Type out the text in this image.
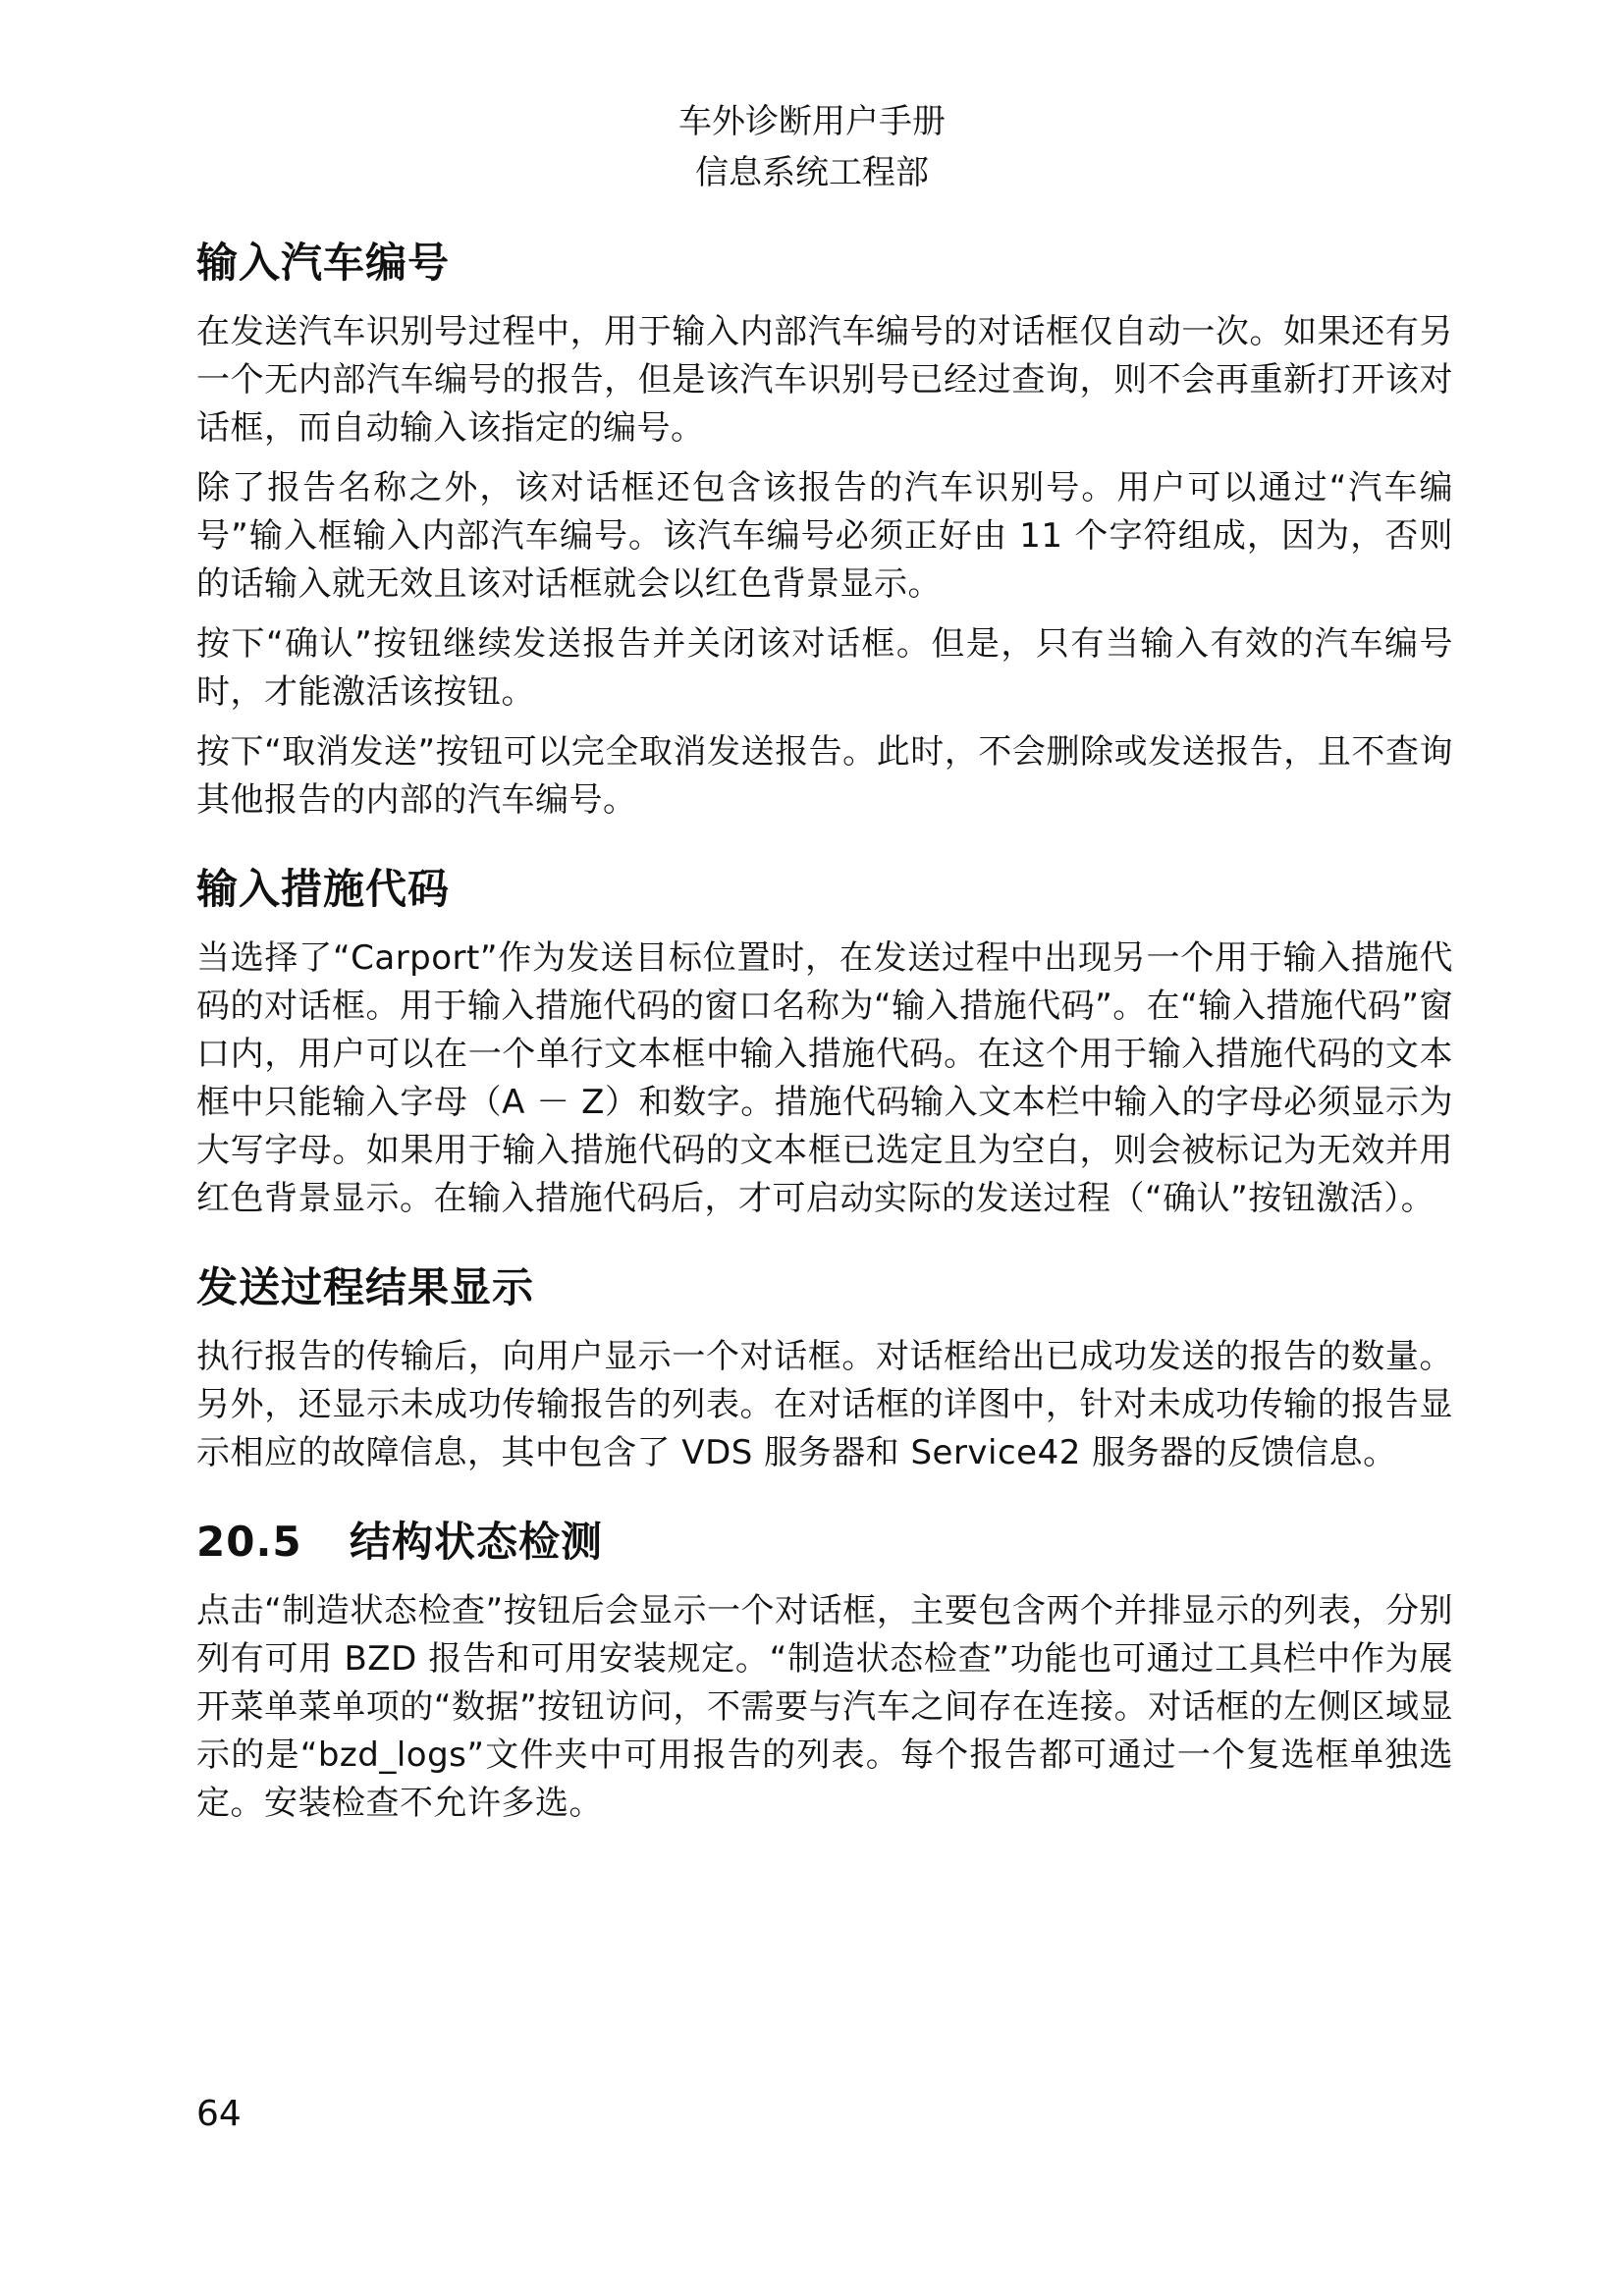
车外诊断用户手册
信息系统工程部
输入汽车编号

在发送汽车识别号过程中，用于输入内部汽车编号的对话框仅自动一次。如果还有另一个无内部汽车编号的报告，但是该汽车识别号已经过查询，则不会再重新打开该对话框，而自动输入该指定的编号。

除了报告名称之外，该对话框还包含该报告的汽车识别号。用户可以通过“汽车编号”输入框输入内部汽车编号。该汽车编号必须正好由 11 个字符组成，因为，否则的话输入就无效且该对话框就会以红色背景显示。

按下“确认”按钮继续发送报告并关闭该对话框。但是，只有当输入有效的汽车编号时，才能激活该按钮。

按下“取消发送”按钮可以完全取消发送报告。此时，不会删除或发送报告，且不查询其他报告的内部的汽车编号。

输入措施代码

当选择了“Carport”作为发送目标位置时，在发送过程中出现另一个用于输入措施代码的对话框。用于输入措施代码的窗口名称为“输入措施代码”。在“输入措施代码”窗口内，用户可以在一个单行文本框中输入措施代码。在这个用于输入措施代码的文本框中只能输入字母（A － Z）和数字。措施代码输入文本栏中输入的字母必须显示为大写字母。如果用于输入措施代码的文本框已选定且为空白，则会被标记为无效并用红色背景显示。在输入措施代码后，才可启动实际的发送过程（“确认”按钮激活）。

发送过程结果显示

执行报告的传输后，向用户显示一个对话框。对话框给出已成功发送的报告的数量。另外，还显示未成功传输报告的列表。在对话框的详图中，针对未成功传输的报告显示相应的故障信息，其中包含了 VDS 服务器和 Service42 服务器的反馈信息。

20.5 结构状态检测

点击“制造状态检查”按钮后会显示一个对话框，主要包含两个并排显示的列表，分别列有可用 BZD 报告和可用安装规定。“制造状态检查”功能也可通过工具栏中作为展开菜单菜单项的“数据”按钮访问，不需要与汽车之间存在连接。对话框的左侧区域显示的是“bzd_logs”文件夹中可用报告的列表。每个报告都可通过一个复选框单独选定。安装检查不允许多选。

64
